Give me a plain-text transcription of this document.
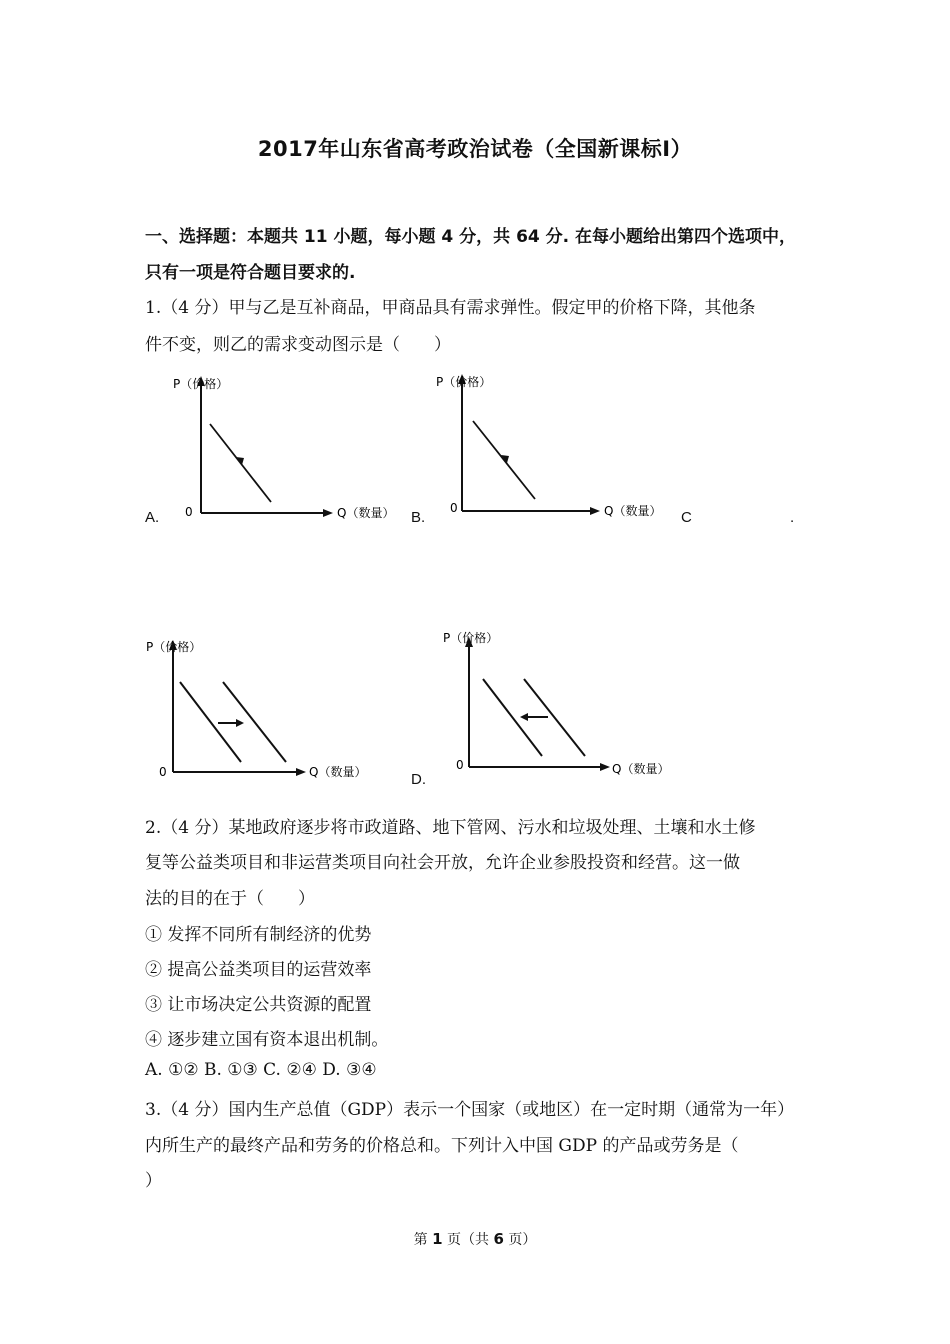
2017年山东省高考政治试卷（全国新课标Ⅰ）
一、选择题：本题共 11 小题，每小题 4 分，共 64 分. 在每小题给出第四个选项中，
只有一项是符合题目要求的.
1.（4 分）甲与乙是互补商品，甲商品具有需求弹性。假定甲的价格下降，其他条
件不变，则乙的需求变动图示是（　　）
P（价格）
0	Q（数量）
A.
P（价格）
0	Q（数量）
B.	C	.
P（价格）
0	Q（数量）
P（价格）
0	Q（数量）
D.
2.（4 分）某地政府逐步将市政道路、地下管网、污水和垃圾处理、土壤和水土修
复等公益类项目和非运营类项目向社会开放，允许企业参股投资和经营。这一做
法的目的在于（　　）
① 发挥不同所有制经济的优势
② 提高公益类项目的运营效率
③ 让市场决定公共资源的配置
④ 逐步建立国有资本退出机制。
A. ①② B. ①③ C. ②④ D. ③④
3.（4 分）国内生产总值（GDP）表示一个国家（或地区）在一定时期（通常为一年）
内所生产的最终产品和劳务的价格总和。下列计入中国 GDP 的产品或劳务是（
）
第 1 页（共 6 页）
